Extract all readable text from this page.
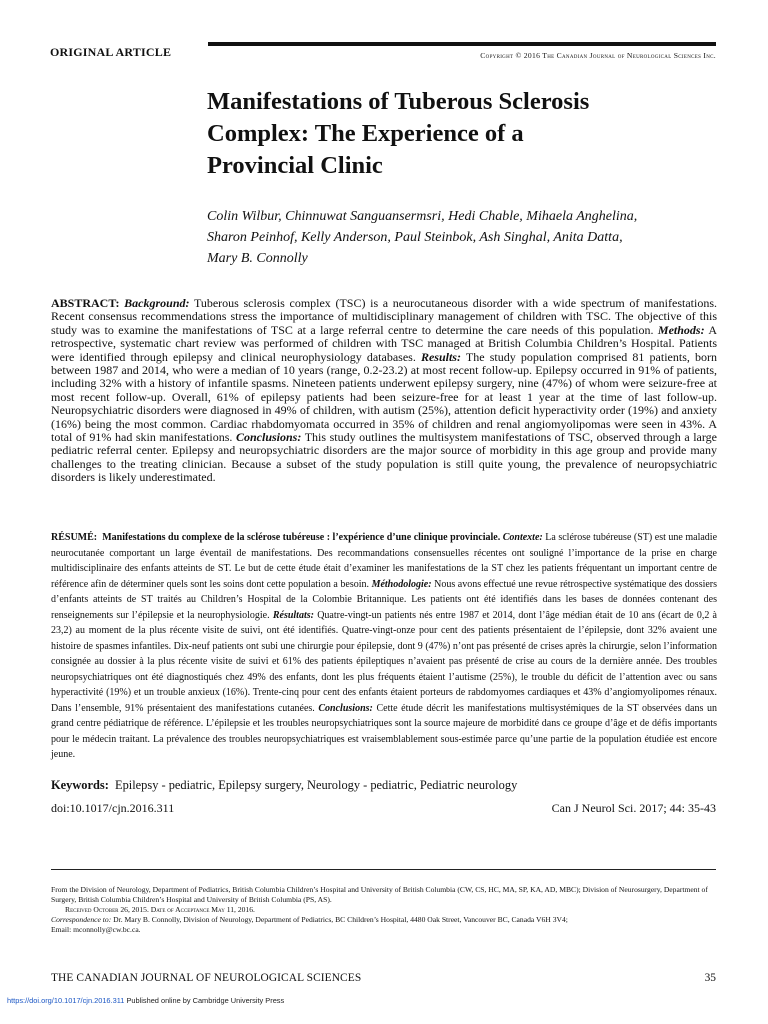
ORIGINAL ARTICLE	Copyright © 2016 The Canadian Journal of Neurological Sciences Inc.
Manifestations of Tuberous Sclerosis
Complex: The Experience of a
Provincial Clinic
Colin Wilbur, Chinnuwat Sanguansermsri, Hedi Chable, Mihaela Anghelina,
Sharon Peinhof, Kelly Anderson, Paul Steinbok, Ash Singhal, Anita Datta,
Mary B. Connolly
ABSTRACT: Background: Tuberous sclerosis complex (TSC) is a neurocutaneous disorder with a wide spectrum of manifestations. Recent consensus recommendations stress the importance of multidisciplinary management of children with TSC. The objective of this study was to examine the manifestations of TSC at a large referral centre to determine the care needs of this population. Methods: A retrospective, systematic chart review was performed of children with TSC managed at British Columbia Children’s Hospital. Patients were identified through epilepsy and clinical neurophysiology databases. Results: The study population comprised 81 patients, born between 1987 and 2014, who were a median of 10 years (range, 0.2-23.2) at most recent follow-up. Epilepsy occurred in 91% of patients, including 32% with a history of infantile spasms. Nineteen patients underwent epilepsy surgery, nine (47%) of whom were seizure-free at most recent follow-up. Overall, 61% of epilepsy patients had been seizure-free for at least 1 year at the time of last follow-up. Neuropsychiatric disorders were diagnosed in 49% of children, with autism (25%), attention deficit hyperactivity order (19%) and anxiety (16%) being the most common. Cardiac rhabdomyomata occurred in 35% of children and renal angiomyolipomas were seen in 43%. A total of 91% had skin manifestations. Conclusions: This study outlines the multisystem manifestations of TSC, observed through a large pediatric referral center. Epilepsy and neuropsychiatric disorders are the major source of morbidity in this age group and provide many challenges to the treating clinician. Because a subset of the study population is still quite young, the prevalence of neuropsychiatric disorders is likely underestimated.
RÉSUMÉ: Manifestations du complexe de la sclérose tubéreuse : l’expérience d’une clinique provinciale. Contexte: La sclérose tubéreuse (ST) est une maladie neurocutanée comportant un large éventail de manifestations. Des recommandations consensuelles récentes ont souligné l’importance de la prise en charge multidisciplinaire des enfants atteints de ST. Le but de cette étude était d’examiner les manifestations de la ST chez les patients fréquentant un important centre de référence afin de déterminer quels sont les soins dont cette population a besoin. Méthodologie: Nous avons effectué une revue rétrospective systématique des dossiers d’enfants atteints de ST traités au Children’s Hospital de la Colombie Britannique. Les patients ont été identifiés dans les bases de données contenant des renseignements sur l’épilepsie et la neurophysiologie. Résultats: Quatre-vingt-un patients nés entre 1987 et 2014, dont l’âge médian était de 10 ans (écart de 0,2 à 23,2) au moment de la plus récente visite de suivi, ont été identifiés. Quatre-vingt-onze pour cent des patients présentaient de l’épilepsie, dont 32% avaient une histoire de spasmes infantiles. Dix-neuf patients ont subi une chirurgie pour épilepsie, dont 9 (47%) n’ont pas présenté de crises après la chirurgie, selon l’information consignée au dossier à la plus récente visite de suivi et 61% des patients épileptiques n’avaient pas présenté de crise au cours de la dernière année. Des troubles neuropsychiatriques ont été diagnostiqués chez 49% des enfants, dont les plus fréquents étaient l’autisme (25%), le trouble du déficit de l’attention avec ou sans hyperactivité (19%) et un trouble anxieux (16%). Trente-cinq pour cent des enfants étaient porteurs de rabdomyomes cardiaques et 43% d’angiomyolipomes rénaux. Dans l’ensemble, 91% présentaient des manifestations cutanées. Conclusions: Cette étude décrit les manifestations multisystémiques de la ST observées dans un grand centre pédiatrique de référence. L’épilepsie et les troubles neuropsychiatriques sont la source majeure de morbidité dans ce groupe d’âge et de défis importants pour le médecin traitant. La prévalence des troubles neuropsychiatriques est vraisemblablement sous-estimée parce qu’une partie de la population étudiée est encore jeune.
Keywords: Epilepsy - pediatric, Epilepsy surgery, Neurology - pediatric, Pediatric neurology
doi:10.1017/cjn.2016.311	Can J Neurol Sci. 2017; 44: 35-43

From the Division of Neurology, Department of Pediatrics, British Columbia Children’s Hospital and University of British Columbia (CW, CS, HC, MA, SP, KA, AD, MBC); Division of Neurosurgery, Department of Surgery, British Columbia Children’s Hospital and University of British Columbia (PS, AS).

Received October 26, 2015. Date of Acceptance May 11, 2016.

Correspondence to: Dr. Mary B. Connolly, Division of Neurology, Department of Pediatrics, BC Children’s Hospital, 4480 Oak Street, Vancouver BC, Canada V6H 3V4;

Email: mconnolly@cw.bc.ca.

THE CANADIAN JOURNAL OF NEUROLOGICAL SCIENCES	35
https://doi.org/10.1017/cjn.2016.311 Published online by Cambridge University Press
